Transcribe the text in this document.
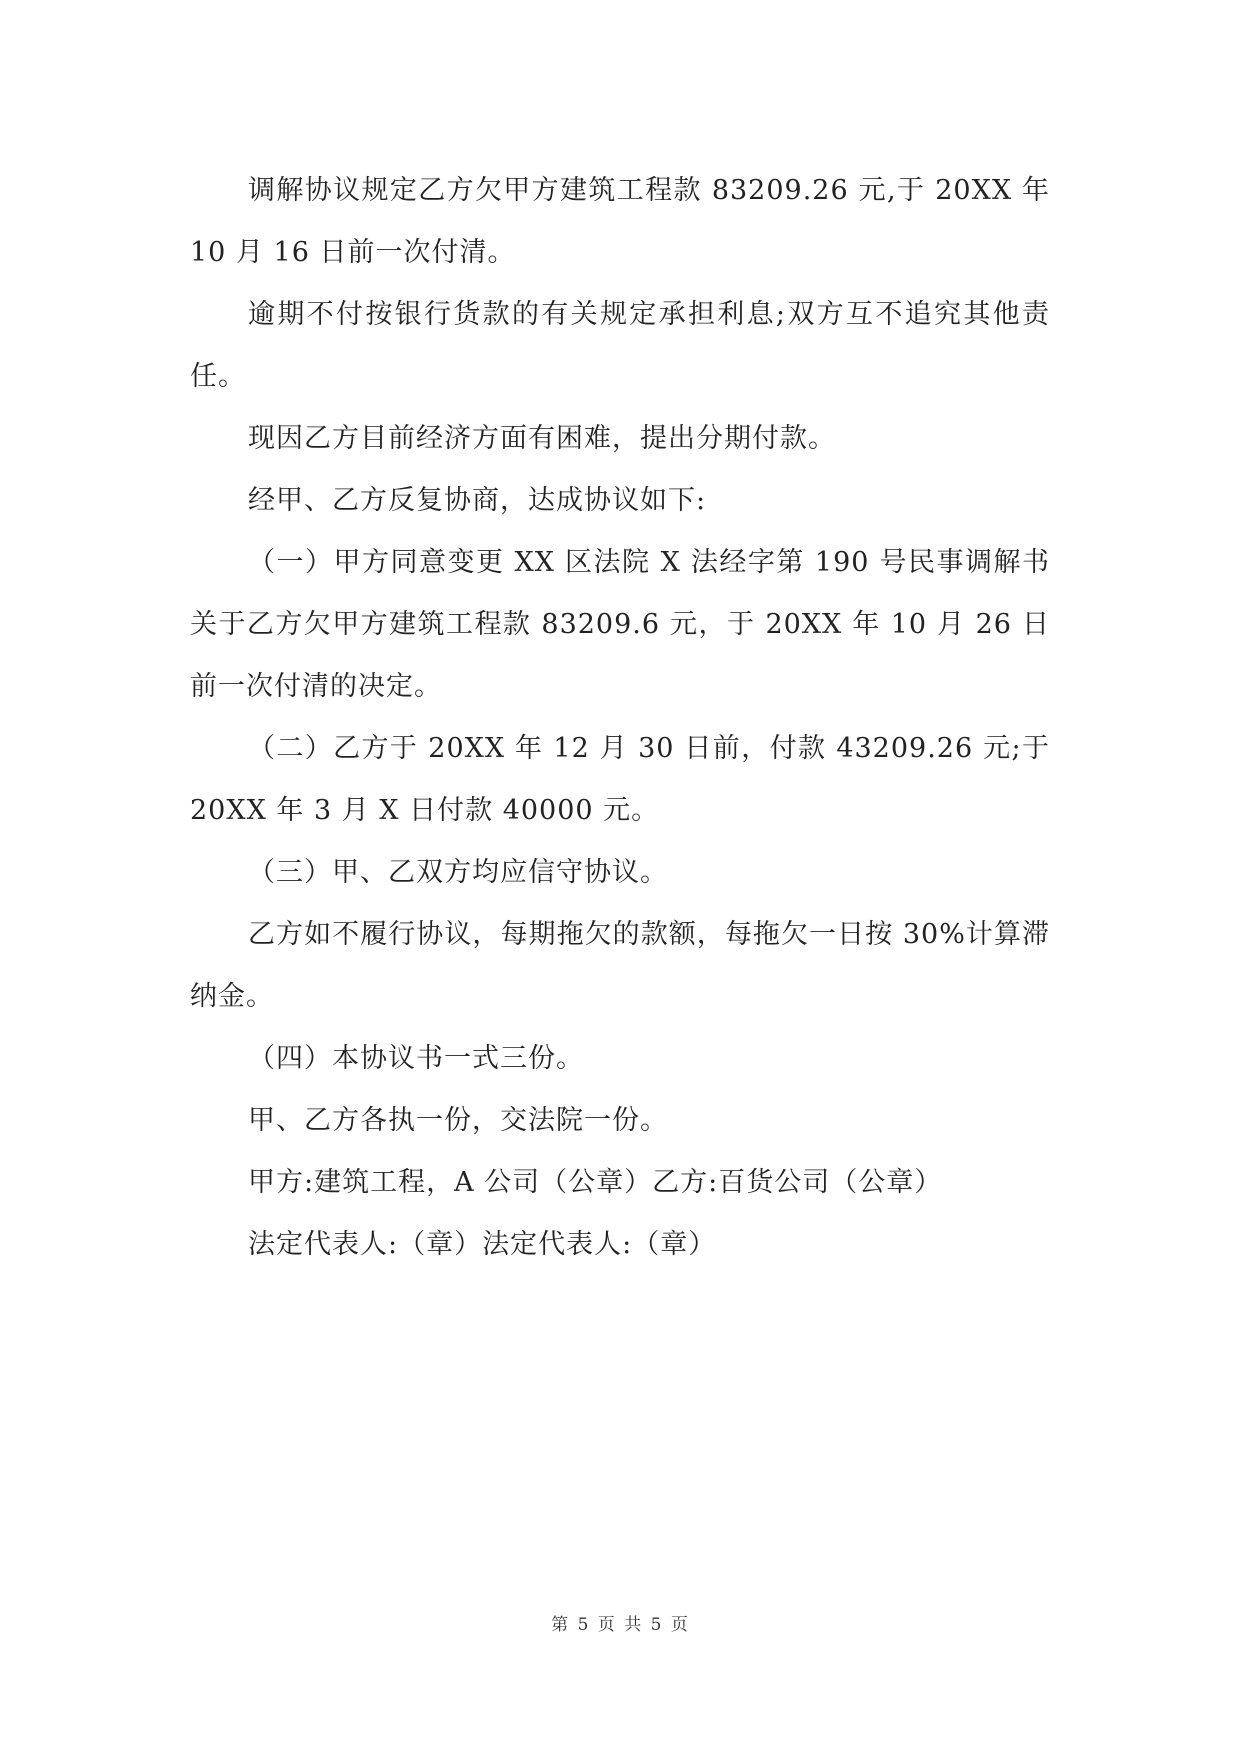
调解协议规定乙方欠甲方建筑工程款 83209.26 元,于 20XX 年 10 月 16 日前一次付清。

逾期不付按银行货款的有关规定承担利息;双方互不追究其他责任。

现因乙方目前经济方面有困难，提出分期付款。

经甲、乙方反复协商，达成协议如下:

（一）甲方同意变更 XX 区法院 X 法经字第 190 号民事调解书关于乙方欠甲方建筑工程款 83209.6 元，于 20XX 年 10 月 26 日前一次付清的决定。

（二）乙方于 20XX 年 12 月 30 日前，付款 43209.26 元;于 20XX 年 3 月 X 日付款 40000 元。

（三）甲、乙双方均应信守协议。

乙方如不履行协议，每期拖欠的款额，每拖欠一日按 30%计算滞纳金。

（四）本协议书一式三份。

甲、乙方各执一份，交法院一份。

甲方:建筑工程，A 公司（公章）乙方:百货公司（公章）

法定代表人:（章）法定代表人:（章）

第 5 页 共 5 页
